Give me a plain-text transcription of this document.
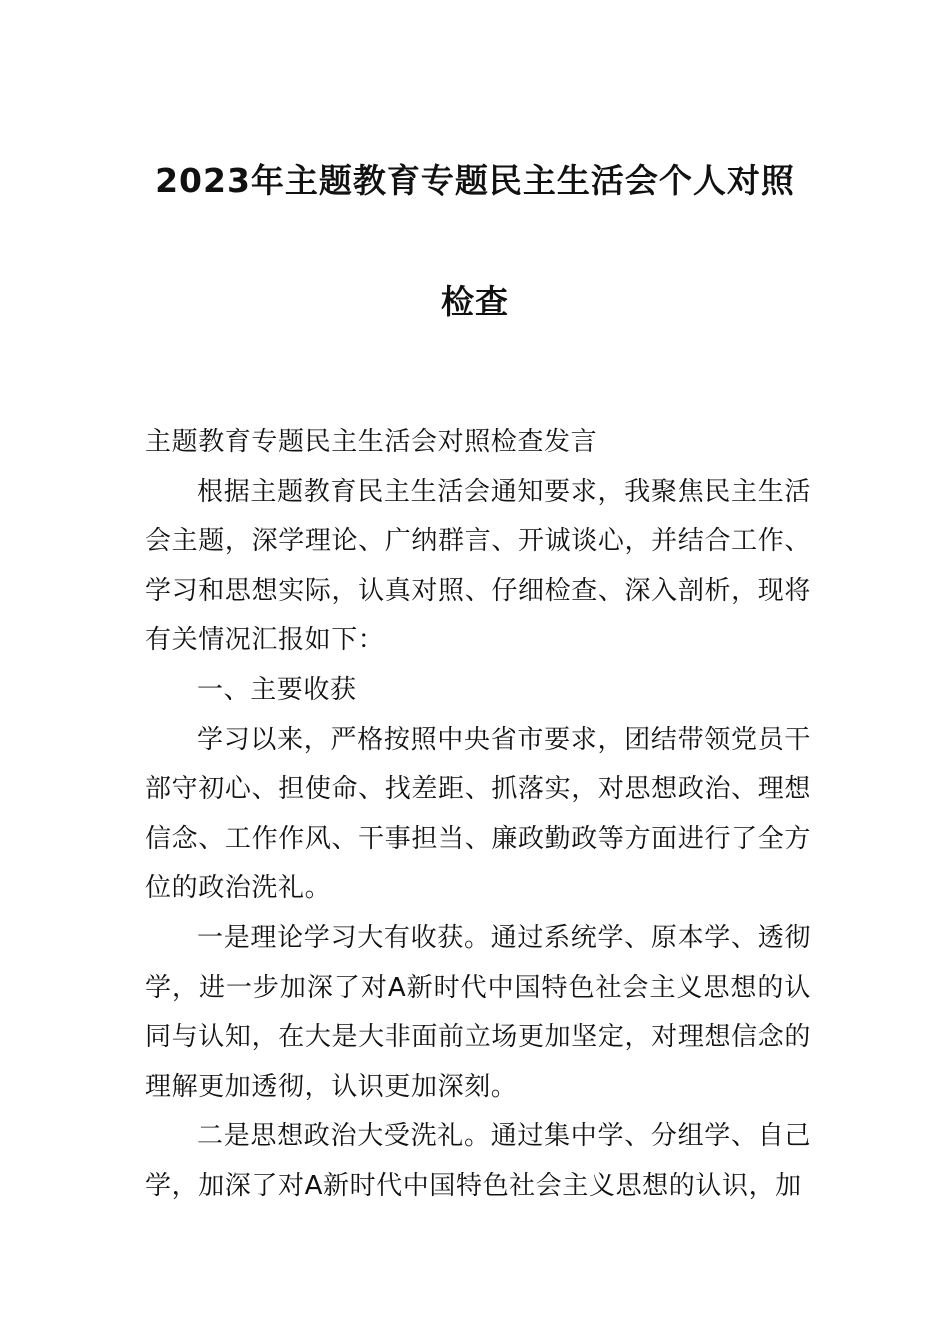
2023年主题教育专题民主生活会个人对照
检查

主题教育专题民主生活会对照检查发言

根据主题教育民主生活会通知要求，我聚焦民主生活会主题，深学理论、广纳群言、开诚谈心，并结合工作、学习和思想实际，认真对照、仔细检查、深入剖析，现将有关情况汇报如下：

一、主要收获

学习以来，严格按照中央省市要求，团结带领党员干部守初心、担使命、找差距、抓落实，对思想政治、理想信念、工作作风、干事担当、廉政勤政等方面进行了全方位的政治洗礼。

一是理论学习大有收获。通过系统学、原本学、透彻学，进一步加深了对A新时代中国特色社会主义思想的认同与认知，在大是大非面前立场更加坚定，对理想信念的理解更加透彻，认识更加深刻。

二是思想政治大受洗礼。通过集中学、分组学、自己学，加深了对A新时代中国特色社会主义思想的认识，加
